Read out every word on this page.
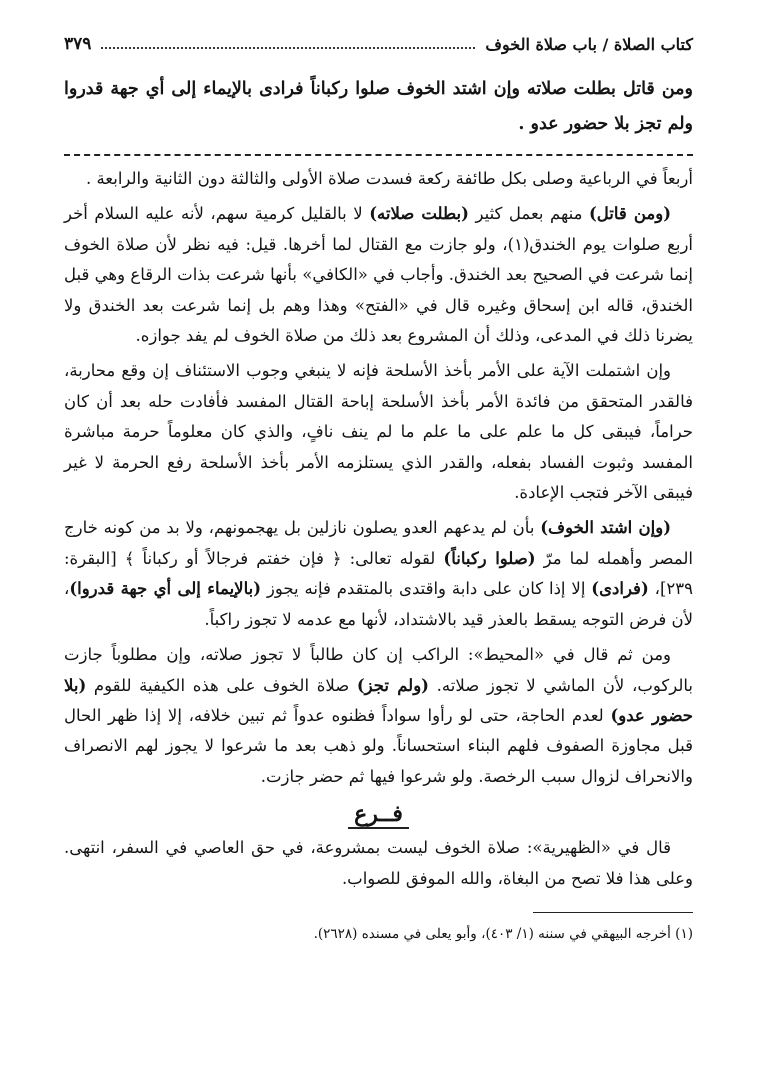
كتاب الصلاة / باب صلاة الخوف
٣٧٩
ومن قاتل بطلت صلاته وإن اشتد الخوف صلوا ركباناً فرادى بالإيماء إلى أي جهة قدروا ولم تجز بلا حضور عدو .

أربعاً في الرباعية وصلى بكل طائفة ركعة فسدت صلاة الأولى والثالثة دون الثانية والرابعة .

(ومن قاتل) منهم بعمل كثير (بطلت صلاته) لا بالقليل كرمية سهم، لأنه عليه السلام أخر أربع صلوات يوم الخندق(١)، ولو جازت مع القتال لما أخرها. قيل: فيه نظر لأن صلاة الخوف إنما شرعت في الصحيح بعد الخندق. وأجاب في «الكافي» بأنها شرعت بذات الرقاع وهي قبل الخندق، قاله ابن إسحاق وغيره قال في «الفتح» وهذا وهم بل إنما شرعت بعد الخندق ولا يضرنا ذلك في المدعى، وذلك أن المشروع بعد ذلك من صلاة الخوف لم يفد جوازه.

وإن اشتملت الآية على الأمر بأخذ الأسلحة فإنه لا ينبغي وجوب الاستئناف إن وقع محاربة، فالقدر المتحقق من فائدة الأمر بأخذ الأسلحة إباحة القتال المفسد فأفادت حله بعد أن كان حراماً، فيبقى كل ما علم على ما علم ما لم ينف نافٍ، والذي كان معلوماً حرمة مباشرة المفسد وثبوت الفساد بفعله، والقدر الذي يستلزمه الأمر بأخذ الأسلحة رفع الحرمة لا غير فيبقى الآخر فتجب الإعادة.

(وإن اشتد الخوف) بأن لم يدعهم العدو يصلون نازلين بل يهجمونهم، ولا بد من كونه خارج المصر وأهمله لما مرّ (صلوا ركباناً) لقوله تعالى: ﴿ فإن خفتم فرجالاً أو ركباناً ﴾ [البقرة: ٢٣٩]، (فرادى) إلا إذا كان على دابة واقتدى بالمتقدم فإنه يجوز (بالإيماء إلى أي جهة قدروا)، لأن فرض التوجه يسقط بالعذر قيد بالاشتداد، لأنها مع عدمه لا تجوز راكباً.

ومن ثم قال في «المحيط»: الراكب إن كان طالباً لا تجوز صلاته، وإن مطلوباً جازت بالركوب، لأن الماشي لا تجوز صلاته. (ولم تجز) صلاة الخوف على هذه الكيفية للقوم (بلا حضور عدو) لعدم الحاجة، حتى لو رأوا سواداً فظنوه عدواً ثم تبين خلافه، إلا إذا ظهر الحال قبل مجاوزة الصفوف فلهم البناء استحساناً. ولو ذهب بعد ما شرعوا لا يجوز لهم الانصراف والانحراف لزوال سبب الرخصة. ولو شرعوا فيها ثم حضر جازت.

فــرع

قال في «الظهيرية»: صلاة الخوف ليست بمشروعة، في حق العاصي في السفر، انتهى. وعلى هذا فلا تصح من البغاة، والله الموفق للصواب.

(١) أخرجه البيهقي في سننه (١/ ٤٠٣)، وأبو يعلى في مسنده (٢٦٢٨).
